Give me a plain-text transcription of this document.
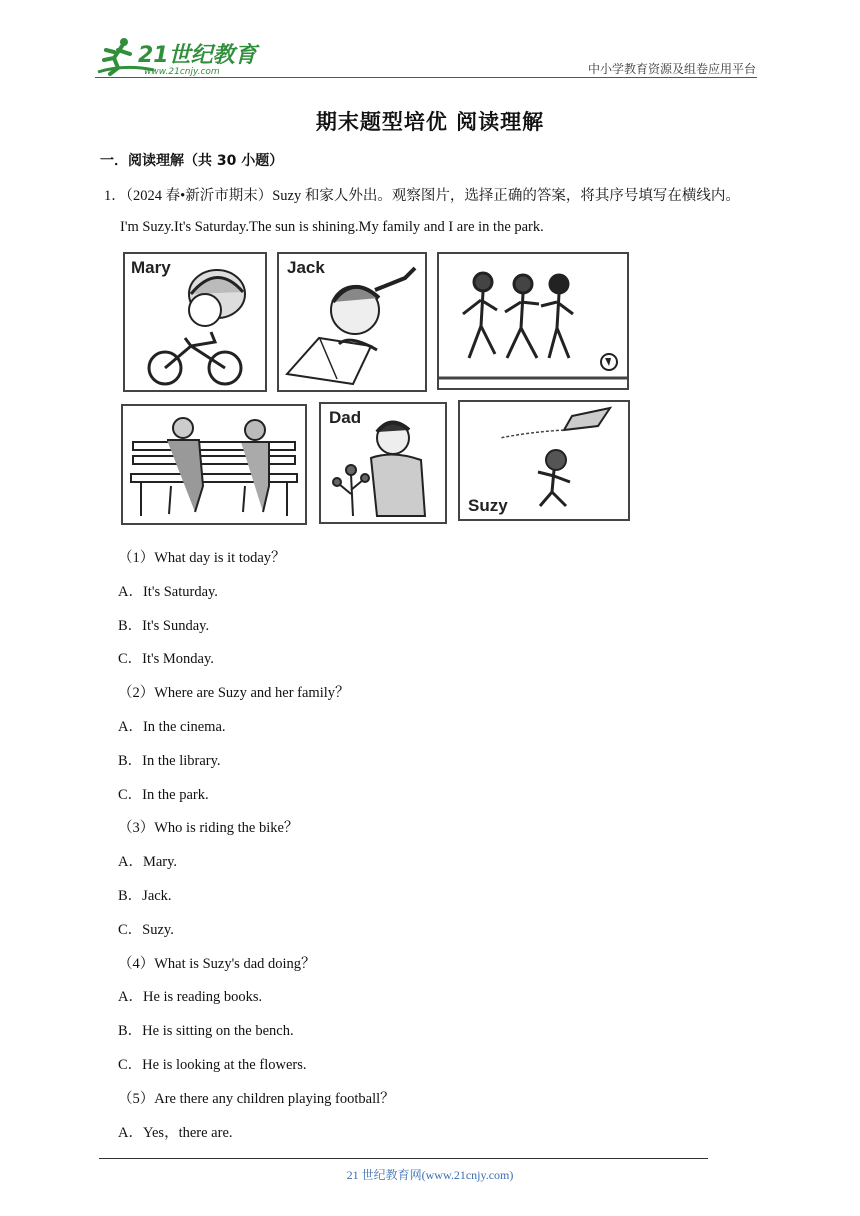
21世纪教育
www.21cnjy.com	中小学教育资源及组卷应用平台
期末题型培优 阅读理解
一．阅读理解（共 30 小题）
1．（2024 春•新沂市期末）Suzy 和家人外出。观察图片，选择正确的答案，将其序号填写在横线内。
I'm Suzy.It's Saturday.The sun is shining.My family and I are in the park.
Mary	Jack
Dad
Suzy
（1）What day is it today？
A．It's Saturday.
B．It's Sunday.
C．It's Monday.
（2）Where are Suzy and her family？
A．In the cinema.
B．In the library.
C．In the park.
（3）Who is riding the bike？
A．Mary.
B．Jack.
C．Suzy.
（4）What is Suzy's dad doing？
A．He is reading books.
B．He is sitting on the bench.
C．He is looking at the flowers.
（5）Are there any children playing football？
A．Yes，there are.
21 世纪教育网(www.21cnjy.com)
